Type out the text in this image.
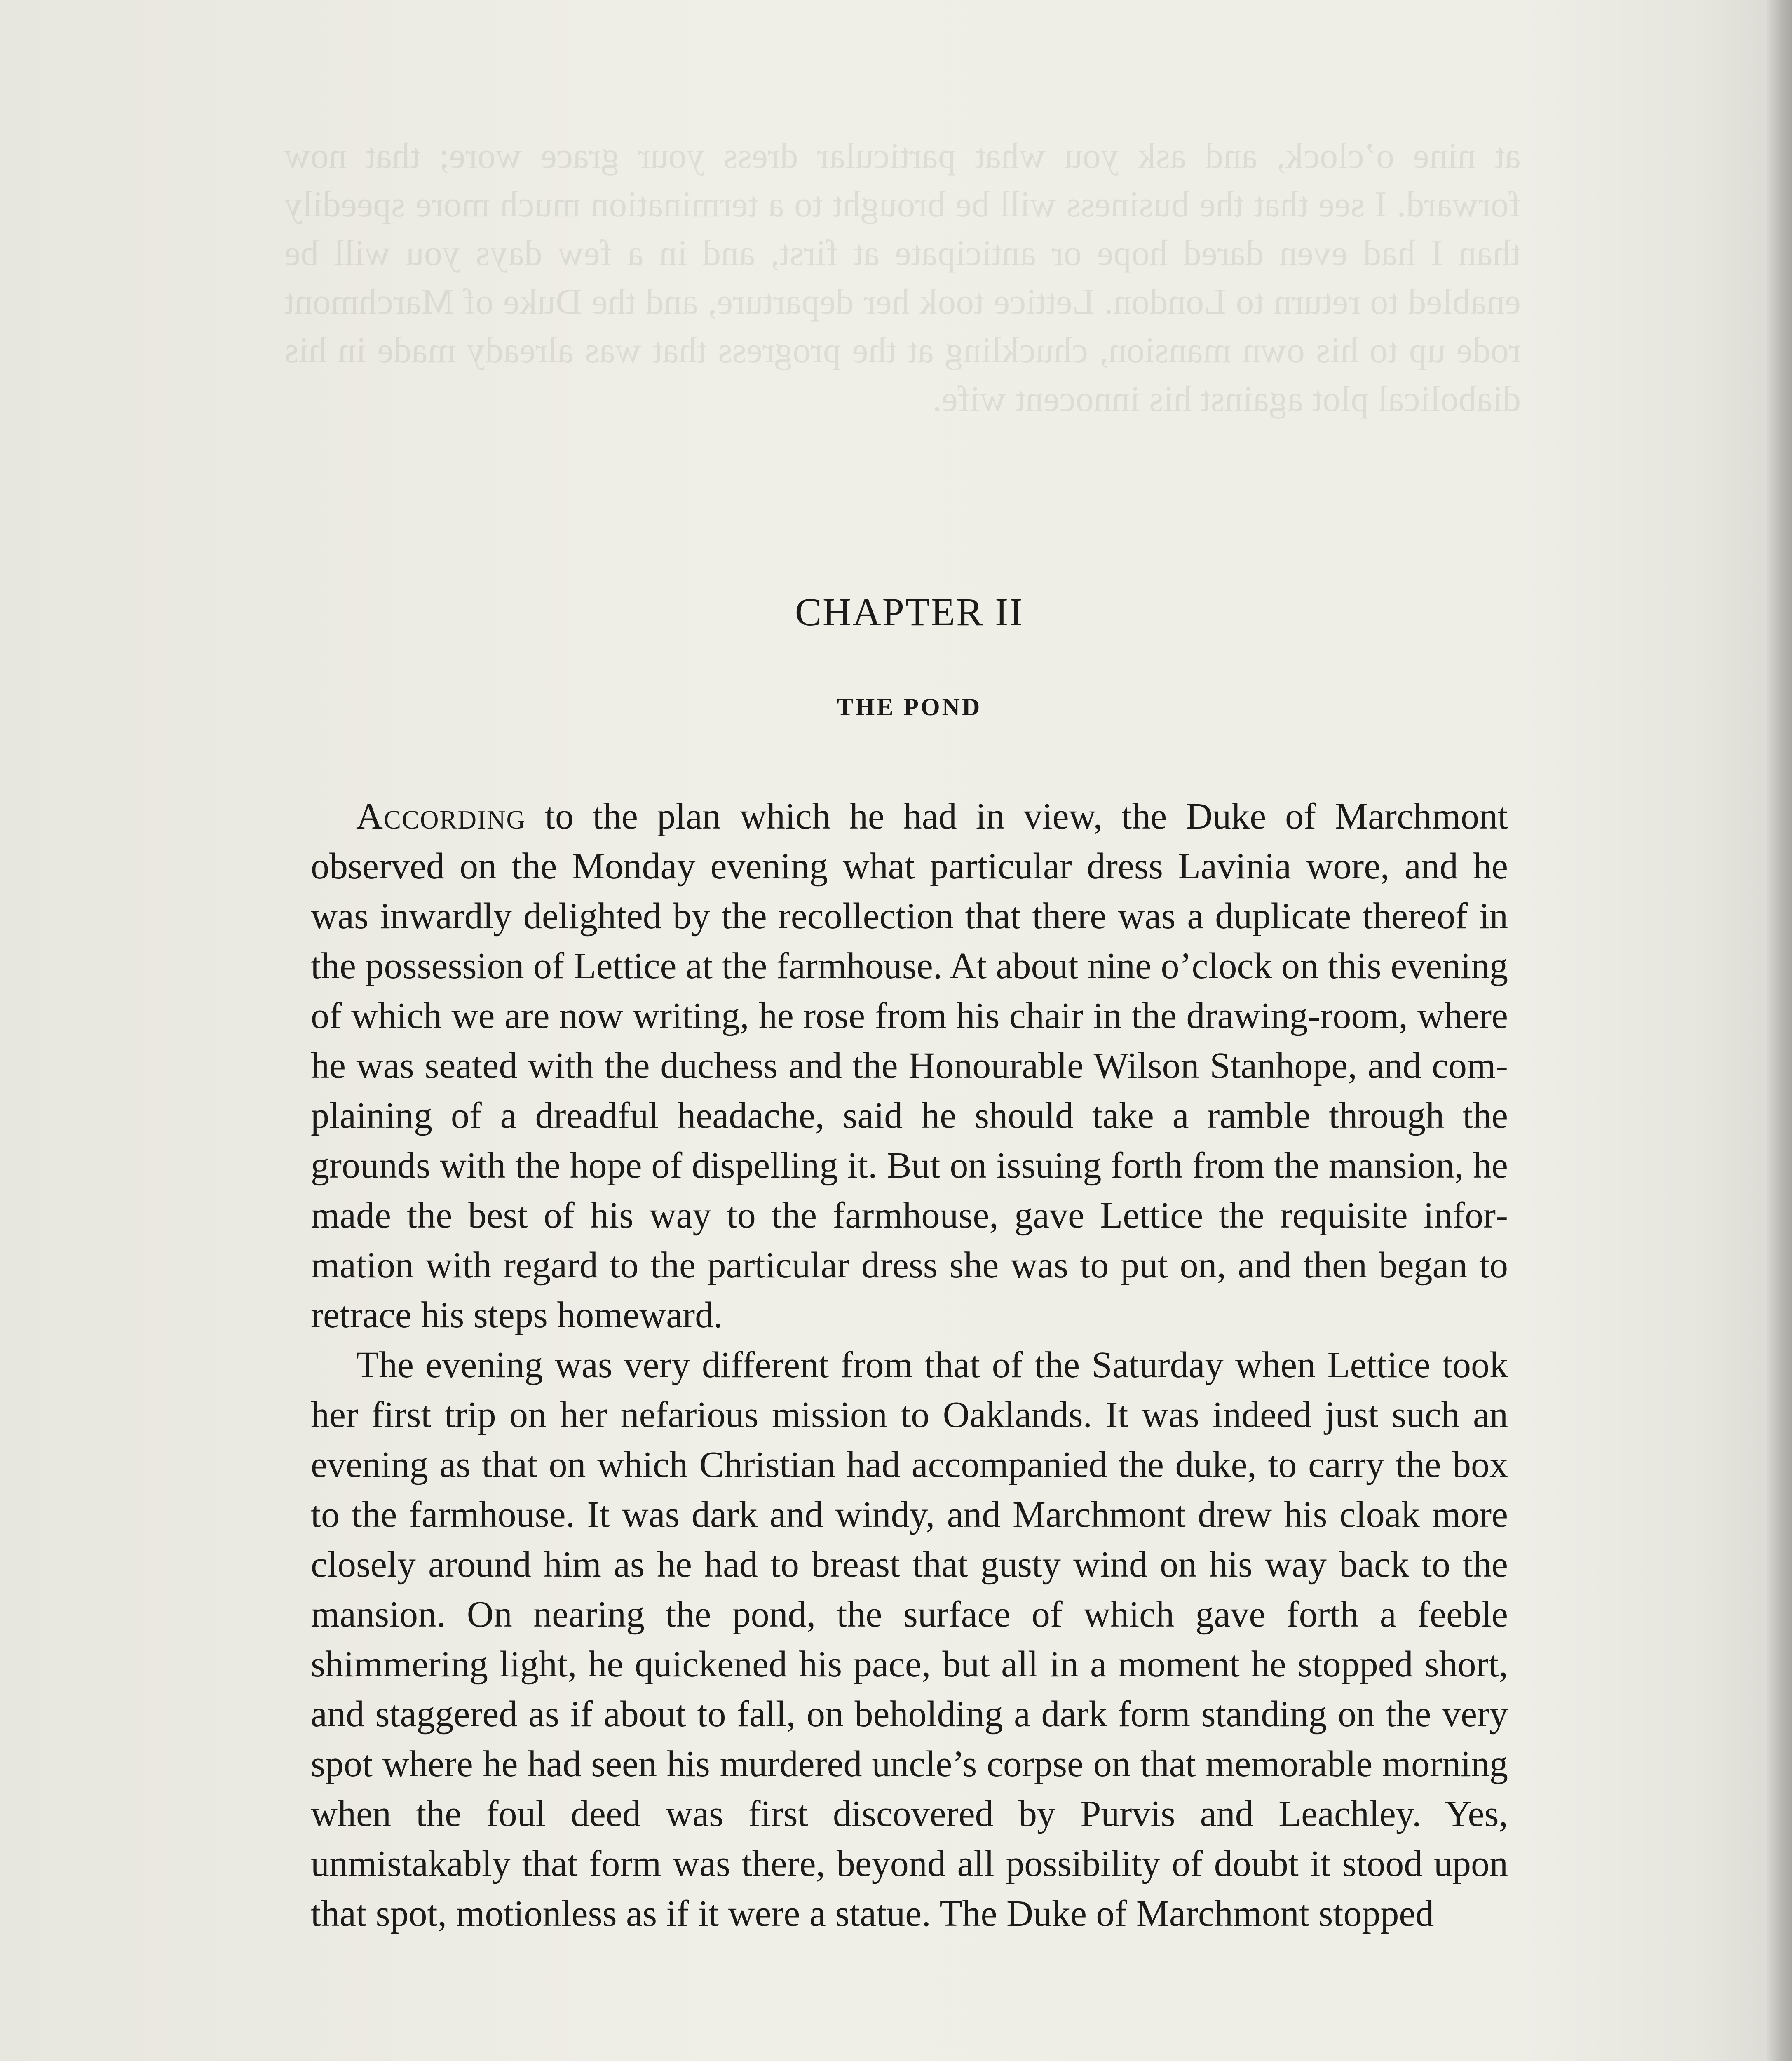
at nine o’clock, and ask you what particular dress your grace wore; that now forward. I see that the business will be brought to a termination much more speedily than I had even dared hope or anticipate at first, and in a few days you will be enabled to return to London. Lettice took her departure, and the Duke of Marchmont rode up to his own mansion, chuckling at the progress that was already made in his diabolical plot against his innocent wife.
CHAPTER II
THE POND

According to the plan which he had in view, the Duke of Marchmont observed on the Monday evening what particular dress Lavinia wore, and he was inwardly delighted by the recollection that there was a duplicate thereof in the possession of Lettice at the farmhouse. At about nine o’clock on this evening of which we are now writing, he rose from his chair in the drawing-room, where he was seated with the duchess and the Honourable Wilson Stanhope, and complaining of a dreadful headache, said he should take a ramble through the grounds with the hope of dispelling it. But on issuing forth from the mansion, he made the best of his way to the farmhouse, gave Lettice the requisite information with regard to the particular dress she was to put on, and then began to retrace his steps homeward.

The evening was very different from that of the Saturday when Lettice took her first trip on her nefarious mission to Oaklands. It was indeed just such an evening as that on which Christian had accompanied the duke, to carry the box to the farmhouse. It was dark and windy, and Marchmont drew his cloak more closely around him as he had to breast that gusty wind on his way back to the mansion. On nearing the pond, the surface of which gave forth a feeble shimmering light, he quickened his pace, but all in a moment he stopped short, and staggered as if about to fall, on beholding a dark form standing on the very spot where he had seen his murdered uncle’s corpse on that memorable morning when the foul deed was first discovered by Purvis and Leachley. Yes, unmistakably that form was there, beyond all possibility of doubt it stood upon that spot, motionless as if it were a statue. The Duke of Marchmont stopped
